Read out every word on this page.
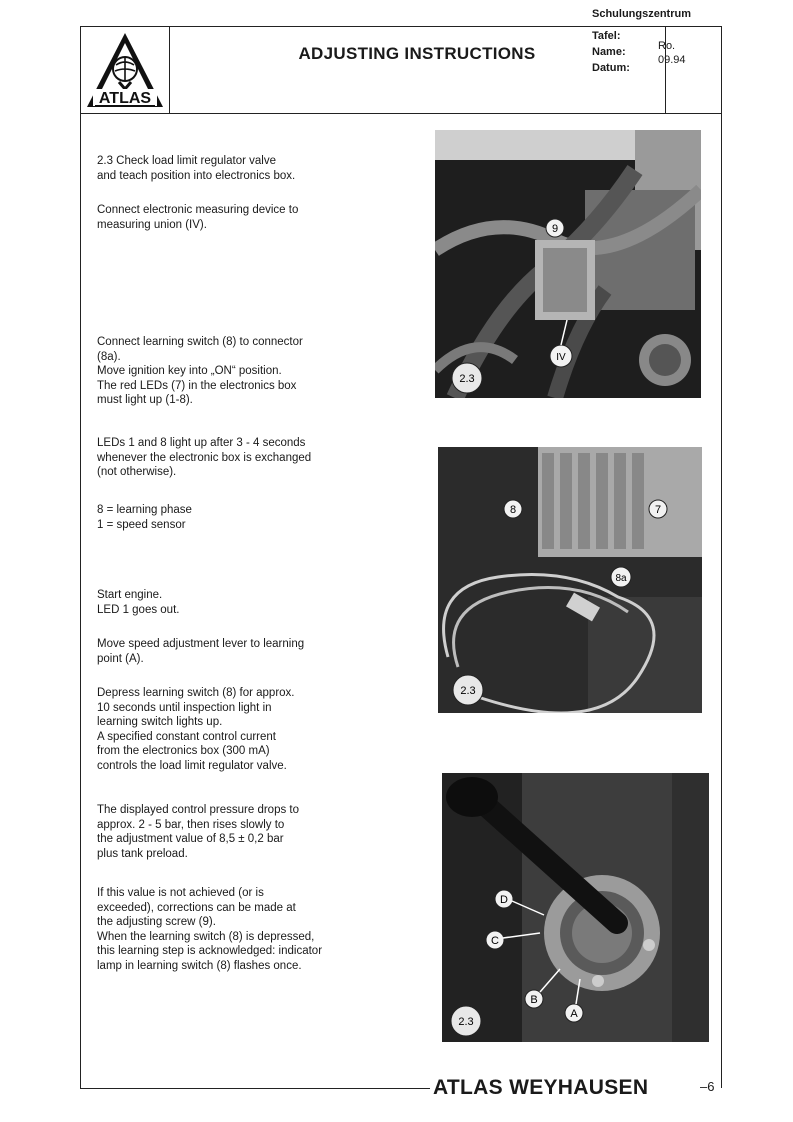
ATLAS
ADJUSTING INSTRUCTIONS
Schulungszentrum
Tafel:
Name:
Datum:
Ro.
09.94

2.3 Check load limit regulator valve
and teach position into electronics box.

Connect electronic measuring device to
measuring union (IV).

Connect learning switch (8) to connector
(8a).
Move ignition key into „ON“ position.
The red LEDs (7) in the electronics box
must light up (1-8).

LEDs 1 and 8 light up after 3 - 4 seconds
whenever the electronic box is exchanged
(not otherwise).

8 = learning phase
1 = speed sensor

Start engine.
LED 1 goes out.

Move speed adjustment lever to learning
point (A).

Depress learning switch (8) for approx.
10 seconds until inspection light in
learning switch lights up.
A specified constant control current
from the electronics box (300 mA)
controls the load limit regulator valve.

The displayed control pressure drops to
approx. 2 - 5 bar, then rises slowly to
the adjustment value of 8,5 ± 0,2 bar
plus tank preload.

If this value is not achieved (or is
exceeded), corrections can be made at
the adjusting screw (9).
When the learning switch (8) is depressed,
this learning step is acknowledged: indicator
lamp in learning switch (8) flashes once.

9
IV
2.3
8	7
8a
2.3
D
C
B
A
2.3
ATLAS WEYHAUSEN	–6
